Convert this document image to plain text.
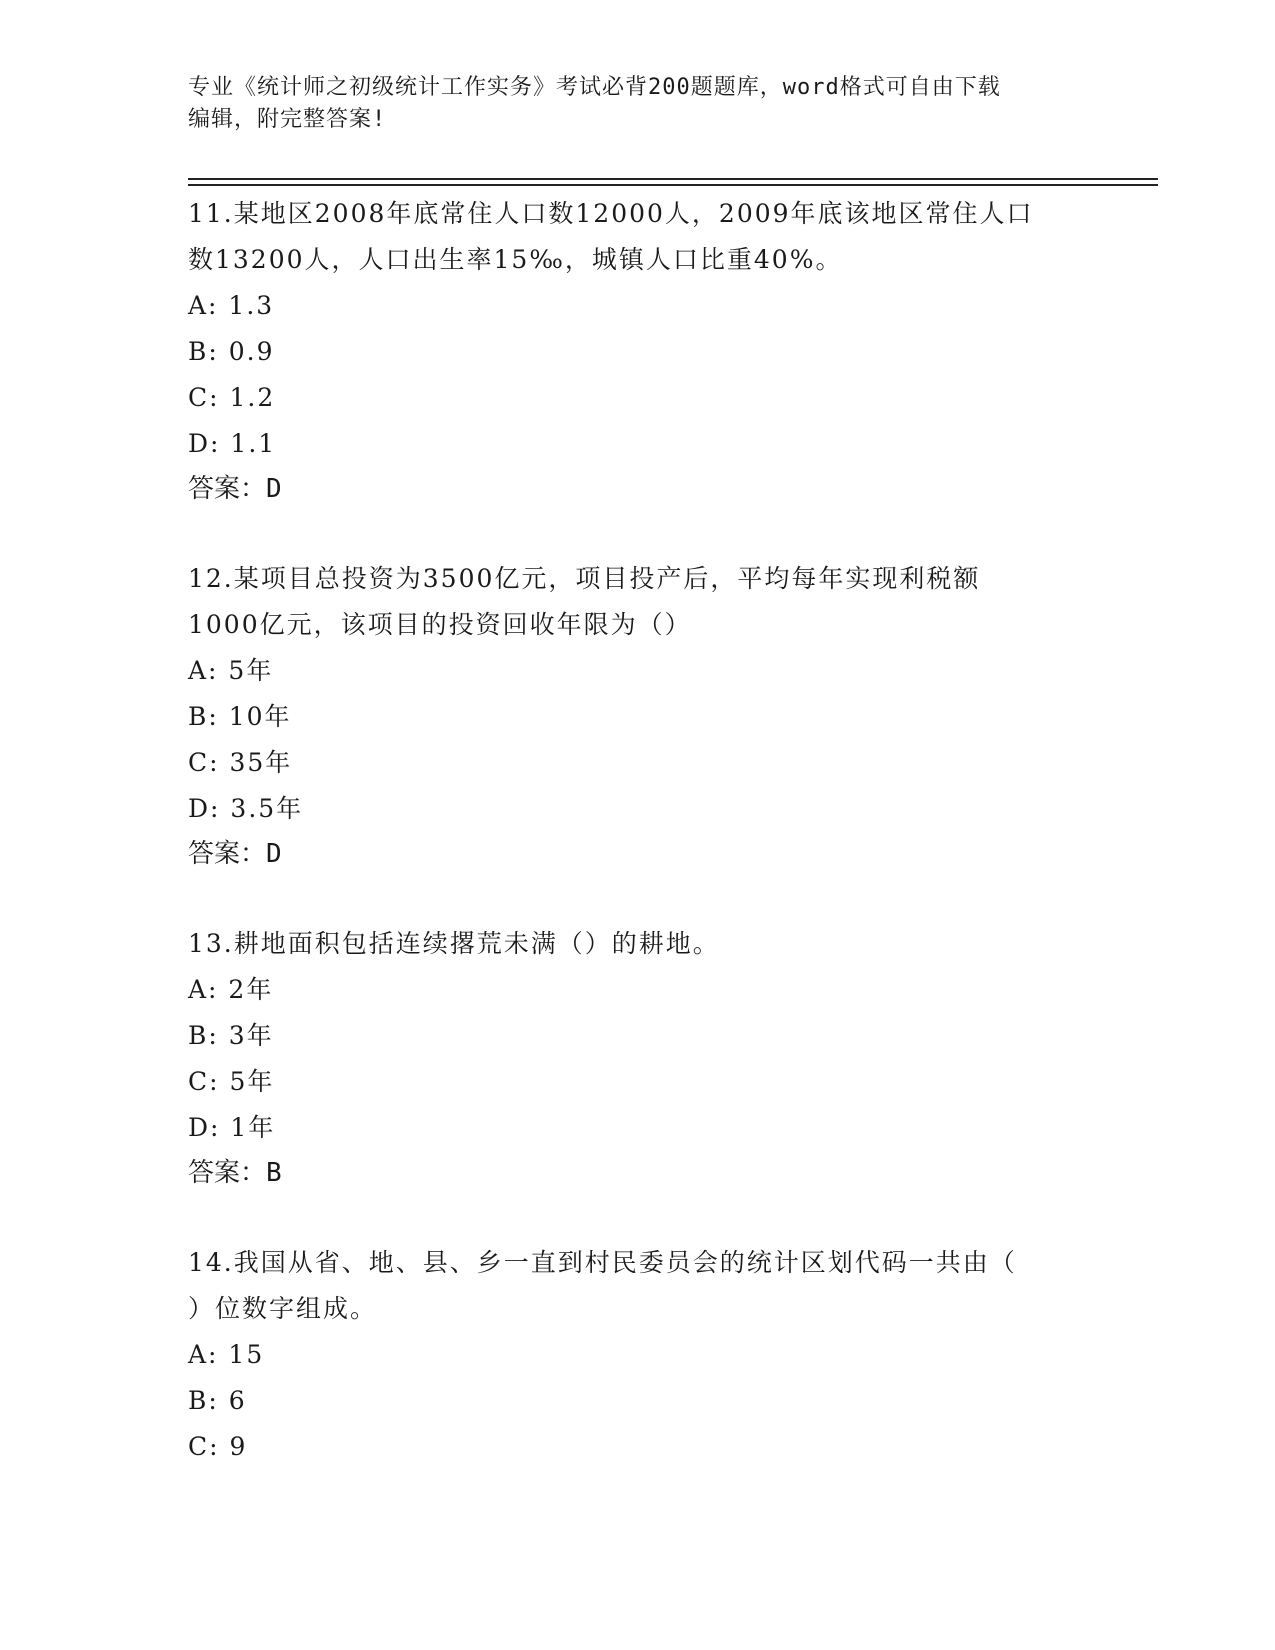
专业《统计师之初级统计工作实务》考试必背200题题库，word格式可自由下载
编辑，附完整答案!

11.某地区2008年底常住人口数12000人，2009年底该地区常住人口

数13200人，人口出生率15‰，城镇人口比重40%。

A: 1.3

B: 0.9

C: 1.2

D: 1.1

答案：D

12.某项目总投资为3500亿元，项目投产后，平均每年实现利税额

1000亿元，该项目的投资回收年限为（）

A: 5年

B: 10年

C: 35年

D: 3.5年

答案：D

13.耕地面积包括连续撂荒未满（）的耕地。

A: 2年

B: 3年

C: 5年

D: 1年

答案：B

14.我国从省、地、县、乡一直到村民委员会的统计区划代码一共由（

）位数字组成。

A: 15

B: 6

C: 9
